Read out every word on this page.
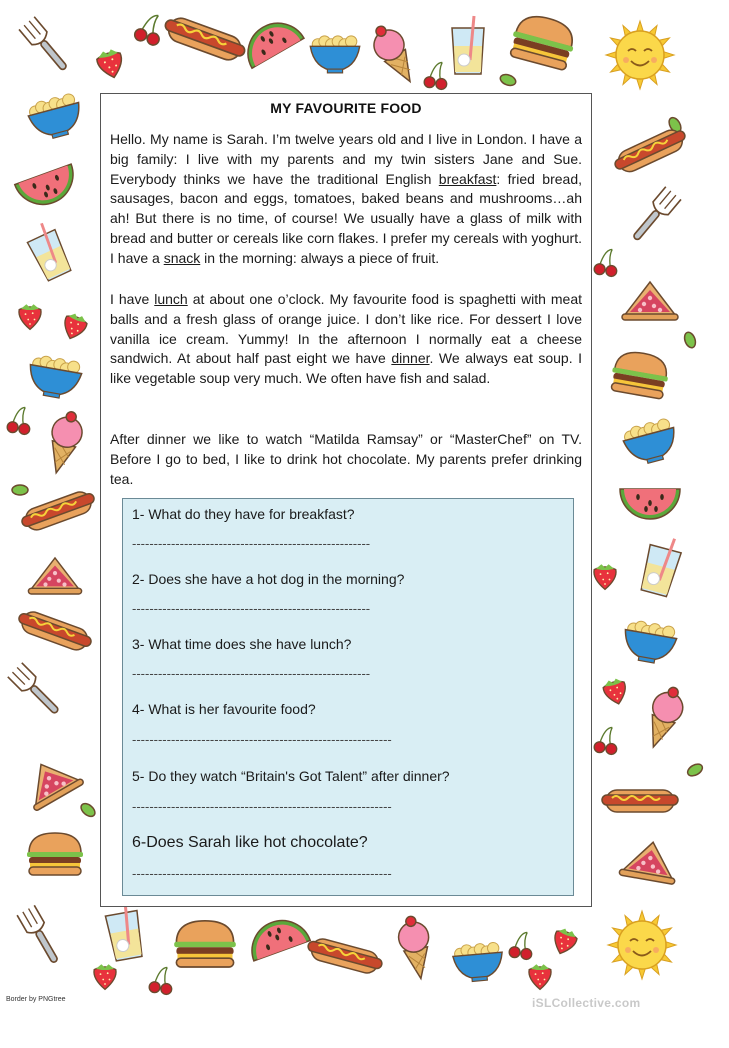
MY FAVOURITE FOOD

Hello. My name is Sarah. I’m twelve years old and I live in London. I have a big family: I live with my parents and my twin sisters Jane and Sue. Everybody thinks we have the traditional English breakfast: fried bread, sausages, bacon and eggs, tomatoes, baked beans and mushrooms…ah ah! But there is no time, of course! We usually have a glass of milk with bread and butter or cereals like corn flakes. I prefer my cereals with yoghurt. I have a snack in the morning: always a piece of fruit.

I have lunch at about one o’clock. My favourite food is spaghetti with meat balls and a fresh glass of orange juice. I don’t like rice. For dessert I love vanilla ice cream. Yummy! In the afternoon I normally eat a cheese sandwich. At about half past eight we have dinner. We always eat soup. I like vegetable soup very much. We often have fish and salad.

After dinner we like to watch “Matilda Ramsay” or “MasterChef” on TV. Before I go to bed, I like to drink hot chocolate. My parents prefer drinking tea.

1- What do they have for breakfast?
-------------------------------------------------------
2- Does she have a hot dog in the morning?
-------------------------------------------------------
3- What time does she have lunch?
-------------------------------------------------------
4- What is her favourite food?
------------------------------------------------------------
5- Do they watch “Britain's Got Talent” after dinner?
------------------------------------------------------------
6-Does Sarah like hot chocolate?
------------------------------------------------------------
Border by PNGtree	iSLCollective.com
